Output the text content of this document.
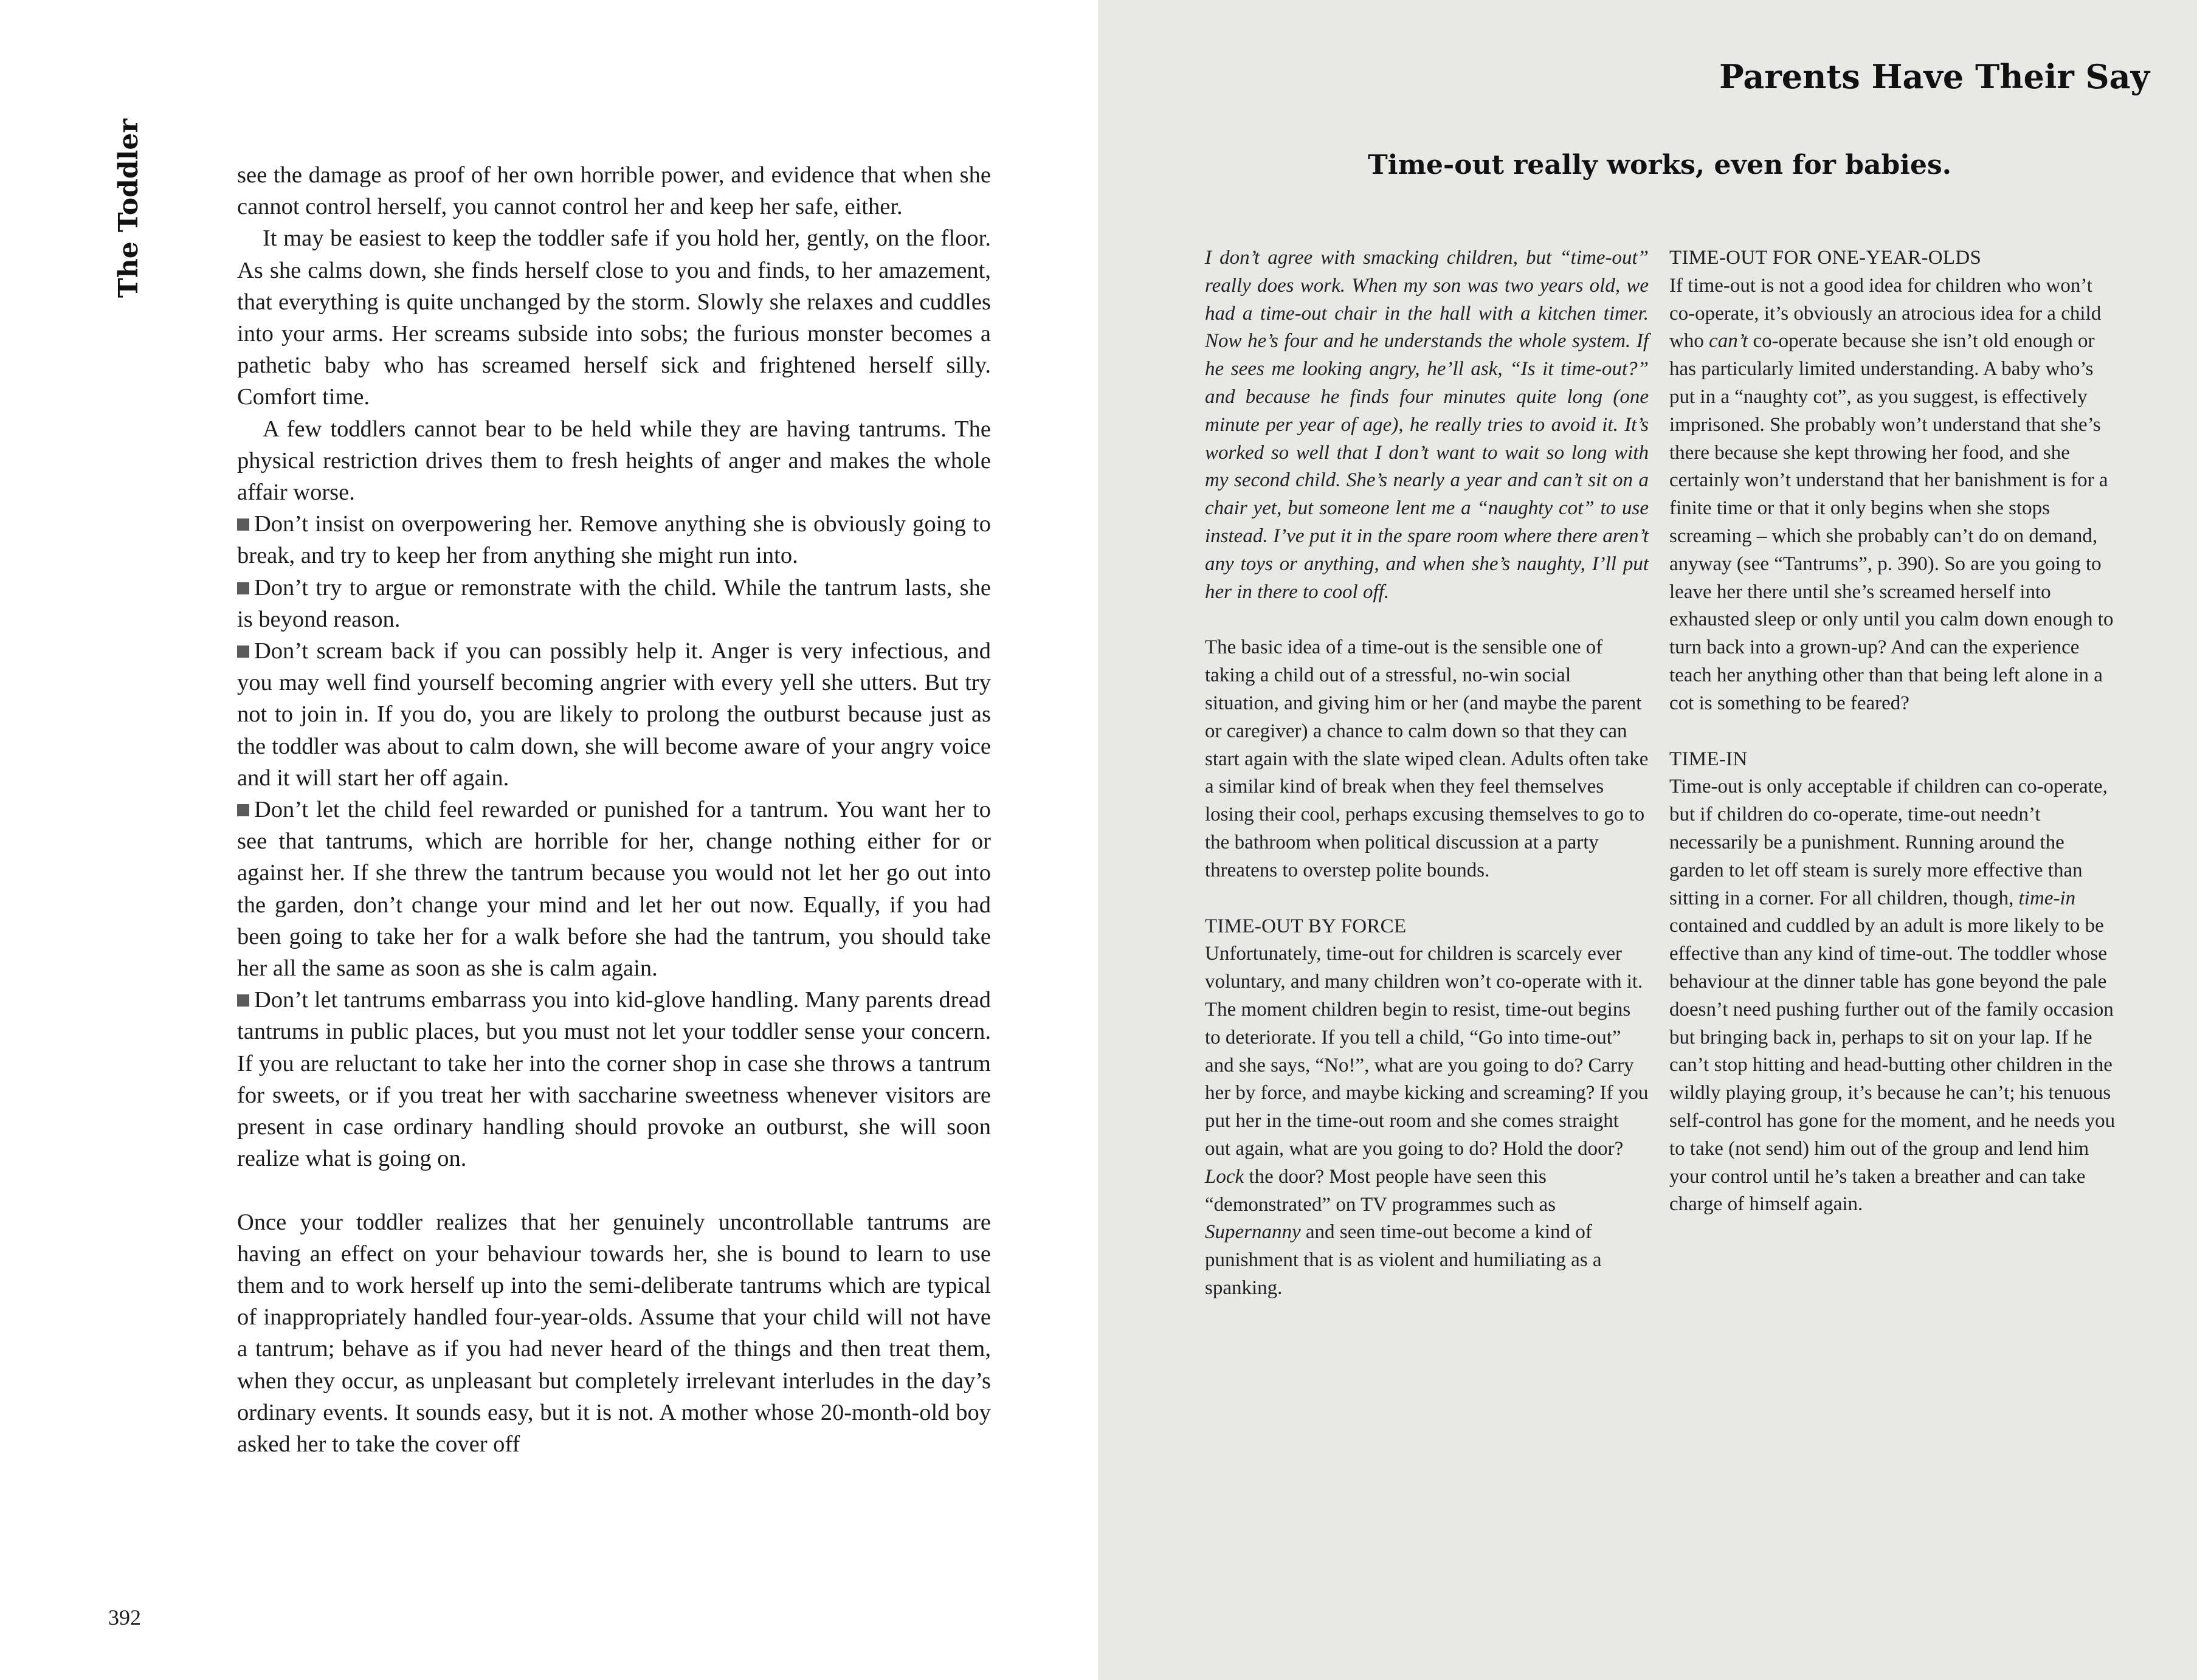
The Toddler	see the damage as proof of her own horrible power, and evidence that when she cannot control herself, you cannot control her and keep her safe, either.

It may be easiest to keep the toddler safe if you hold her, gently, on the floor. As she calms down, she finds herself close to you and finds, to her amazement, that everything is quite unchanged by the storm. Slowly she relaxes and cuddles into your arms. Her screams subside into sobs; the furious monster becomes a pathetic baby who has screamed herself sick and frightened herself silly. Comfort time.

A few toddlers cannot bear to be held while they are having tantrums. The physical restriction drives them to fresh heights of anger and makes the whole affair worse.

Don’t insist on overpowering her. Remove anything she is obviously going to break, and try to keep her from anything she might run into.

Don’t try to argue or remonstrate with the child. While the tantrum lasts, she is beyond reason.

Don’t scream back if you can possibly help it. Anger is very infectious, and you may well find yourself becoming angrier with every yell she utters. But try not to join in. If you do, you are likely to prolong the outburst because just as the toddler was about to calm down, she will become aware of your angry voice and it will start her off again.

Don’t let the child feel rewarded or punished for a tantrum. You want her to see that tantrums, which are horrible for her, change nothing either for or against her. If she threw the tantrum because you would not let her go out into the garden, don’t change your mind and let her out now. Equally, if you had been going to take her for a walk before she had the tantrum, you should take her all the same as soon as she is calm again.

Don’t let tantrums embarrass you into kid-glove handling. Many parents dread tantrums in public places, but you must not let your toddler sense your concern. If you are reluctant to take her into the corner shop in case she throws a tantrum for sweets, or if you treat her with saccharine sweetness whenever visitors are present in case ordinary handling should provoke an outburst, she will soon realize what is going on.

Once your toddler realizes that her genuinely uncontrollable tantrums are having an effect on your behaviour towards her, she is bound to learn to use them and to work herself up into the semi-deliberate tantrums which are typical of inappropriately handled four-year-olds. Assume that your child will not have a tantrum; behave as if you had never heard of the things and then treat them, when they occur, as unpleasant but completely irrelevant interludes in the day’s ordinary events. It sounds easy, but it is not. A mother whose 20-month-old boy asked her to take the cover off

392
Parents Have Their Say
Time-out really works, even for babies.

I don’t agree with smacking children, but “time-out” really does work. When my son was two years old, we had a time-out chair in the hall with a kitchen timer. Now he’s four and he understands the whole system. If he sees me looking angry, he’ll ask, “Is it time-out?” and because he finds four minutes quite long (one minute per year of age), he really tries to avoid it. It’s worked so well that I don’t want to wait so long with my second child. She’s nearly a year and can’t sit on a chair yet, but someone lent me a “naughty cot” to use instead. I’ve put it in the spare room where there aren’t any toys or anything, and when she’s naughty, I’ll put her in there to cool off.

The basic idea of a time-out is the sensible one of taking a child out of a stressful, no-win social situation, and giving him or her (and maybe the parent or caregiver) a chance to calm down so that they can start again with the slate wiped clean. Adults often take a similar kind of break when they feel themselves losing their cool, perhaps excusing themselves to go to the bathroom when political discussion at a party threatens to overstep polite bounds.

TIME-OUT BY FORCE

Unfortunately, time-out for children is scarcely ever voluntary, and many children won’t co-operate with it. The moment children begin to resist, time-out begins to deteriorate. If you tell a child, “Go into time-out” and she says, “No!”, what are you going to do? Carry her by force, and maybe kicking and screaming? If you put her in the time-out room and she comes straight out again, what are you going to do? Hold the door? Lock the door? Most people have seen this “demonstrated” on TV programmes such as Supernanny and seen time-out become a kind of punishment that is as violent and humiliating as a spanking.

TIME-OUT FOR ONE-YEAR-OLDS

If time-out is not a good idea for children who won’t co-operate, it’s obviously an atrocious idea for a child who can’t co-operate because she isn’t old enough or has particularly limited understanding. A baby who’s put in a “naughty cot”, as you suggest, is effectively imprisoned. She probably won’t understand that she’s there because she kept throwing her food, and she certainly won’t understand that her banishment is for a finite time or that it only begins when she stops screaming – which she probably can’t do on demand, anyway (see “Tantrums”, p. 390). So are you going to leave her there until she’s screamed herself into exhausted sleep or only until you calm down enough to turn back into a grown-up? And can the experience teach her anything other than that being left alone in a cot is something to be feared?

TIME-IN

Time-out is only acceptable if children can co-operate, but if children do co-operate, time-out needn’t necessarily be a punishment. Running around the garden to let off steam is surely more effective than sitting in a corner. For all children, though, time-in contained and cuddled by an adult is more likely to be effective than any kind of time-out. The toddler whose behaviour at the dinner table has gone beyond the pale doesn’t need pushing further out of the family occasion but bringing back in, perhaps to sit on your lap. If he can’t stop hitting and head-butting other children in the wildly playing group, it’s because he can’t; his tenuous self-control has gone for the moment, and he needs you to take (not send) him out of the group and lend him your control until he’s taken a breather and can take charge of himself again.
